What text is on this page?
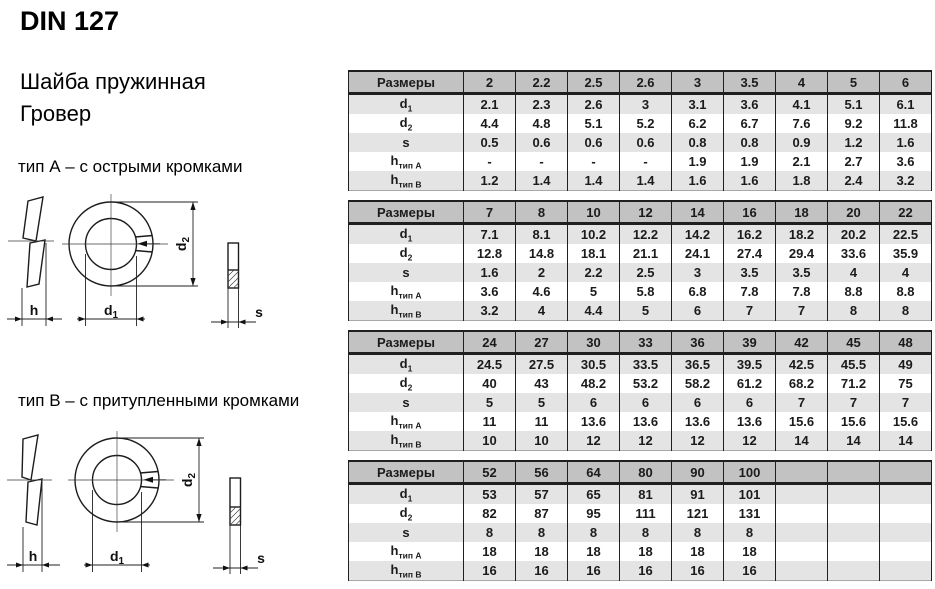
DIN 127
Шайба пружинная
Гровер
тип А – с острыми кромками
тип В – с притупленными кромками
h
$d_2$
$d_1$	s
h
$d_2$
$d_1$	s
Размеры	2	2.2	2.5	2.6	3	3.5	4	5	6
$d_1$	2.1	2.3	2.6	3	3.1	3.6	4.1	5.1	6.1
$d_2$	4.4	4.8	5.1	5.2	6.2	6.7	7.6	9.2	11.8
s	0.5	0.6	0.6	0.6	0.8	0.8	0.9	1.2	1.6
$h_{тип А}$	-	-	-	-	1.9	1.9	2.1	2.7	3.6
$h_{тип В}$	1.2	1.4	1.4	1.4	1.6	1.6	1.8	2.4	3.2
Размеры	7	8	10	12	14	16	18	20	22
$d_1$	7.1	8.1	10.2	12.2	14.2	16.2	18.2	20.2	22.5
$d_2$	12.8	14.8	18.1	21.1	24.1	27.4	29.4	33.6	35.9
s	1.6	2	2.2	2.5	3	3.5	3.5	4	4
$h_{тип А}$	3.6	4.6	5	5.8	6.8	7.8	7.8	8.8	8.8
$h_{тип В}$	3.2	4	4.4	5	6	7	7	8	8
Размеры	24	27	30	33	36	39	42	45	48
$d_1$	24.5	27.5	30.5	33.5	36.5	39.5	42.5	45.5	49
$d_2$	40	43	48.2	53.2	58.2	61.2	68.2	71.2	75
s	5	5	6	6	6	6	7	7	7
$h_{тип А}$	11	11	13.6	13.6	13.6	13.6	15.6	15.6	15.6
$h_{тип В}$	10	10	12	12	12	12	14	14	14
Размеры	52	56	64	80	90	100			
$d_1$	53	57	65	81	91	101			
$d_2$	82	87	95	111	121	131			
s	8	8	8	8	8	8			
$h_{тип А}$	18	18	18	18	18	18			
$h_{тип В}$	16	16	16	16	16	16			
